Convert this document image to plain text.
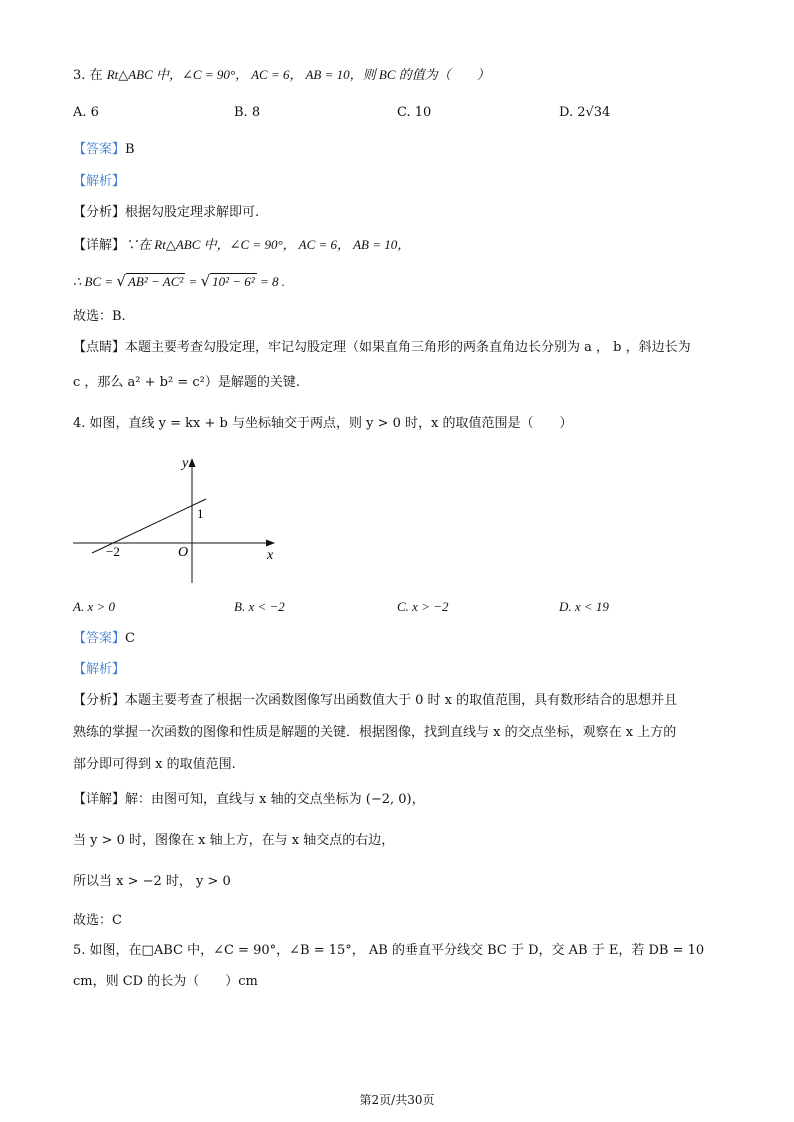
3. 在 Rt△ABC 中，∠C = 90°， AC = 6， AB = 10，则 BC 的值为（　　）
A. 6	B. 8	C. 10	D. 2√34
【答案】B
【解析】
【分析】根据勾股定理求解即可.
【详解】∵在 Rt△ABC 中，∠C = 90°， AC = 6， AB = 10，
∴ BC = √ AB² − AC² = √ 10² − 6² = 8 .
故选：B.
【点睛】本题主要考查勾股定理，牢记勾股定理（如果直角三角形的两条直角边长分别为 a ， b ，斜边长为
c ，那么 a² + b² = c²）是解题的关键.
4. 如图，直线 y = kx + b 与坐标轴交于两点，则 y > 0 时，x 的取值范围是（　　）
y
x
O
1
−2
A. x > 0	B. x < −2	C. x > −2	D. x < 19
【答案】C
【解析】
【分析】本题主要考查了根据一次函数图像写出函数值大于 0 时 x 的取值范围，具有数形结合的思想并且
熟练的掌握一次函数的图像和性质是解题的关键．根据图像，找到直线与 x 的交点坐标，观察在 x 上方的
部分即可得到 x 的取值范围.
【详解】解：由图可知，直线与 x 轴的交点坐标为 (−2, 0)，
当 y > 0 时，图像在 x 轴上方，在与 x 轴交点的右边，
所以当 x > −2 时， y > 0
故选：C
5. 如图，在□ABC 中，∠C = 90°，∠B = 15°， AB 的垂直平分线交 BC 于 D，交 AB 于 E，若 DB = 10
cm，则 CD 的长为（　　）cm
第2页/共30页
